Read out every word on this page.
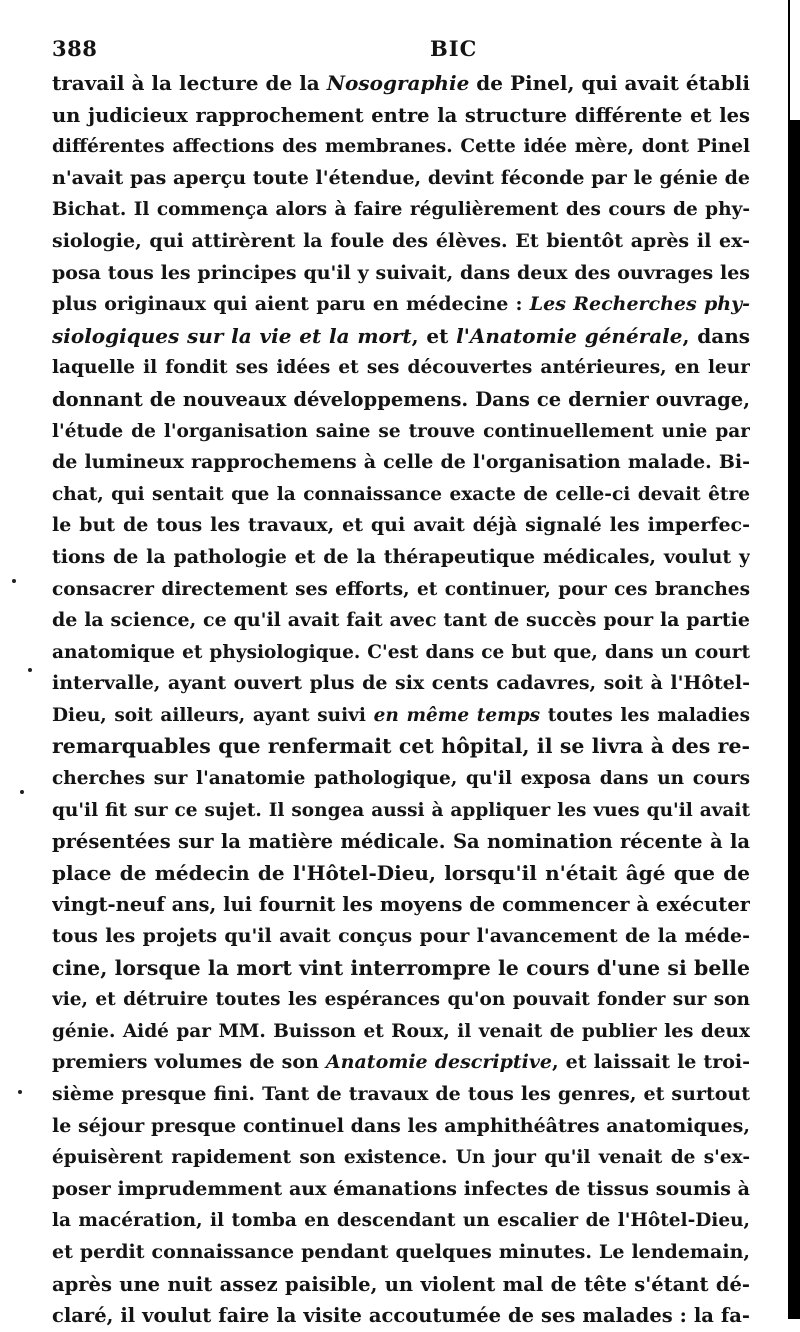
388	BIC
travail à la lecture de la Nosographie de Pinel, qui avait établi
un judicieux rapprochement entre la structure différente et les
différentes affections des membranes. Cette idée mère, dont Pinel
n'avait pas aperçu toute l'étendue, devint féconde par le génie de
Bichat. Il commença alors à faire régulièrement des cours de phy-
siologie, qui attirèrent la foule des élèves. Et bientôt après il ex-
posa tous les principes qu'il y suivait, dans deux des ouvrages les
plus originaux qui aient paru en médecine : Les Recherches phy-
siologiques sur la vie et la mort, et l'Anatomie générale, dans
laquelle il fondit ses idées et ses découvertes antérieures, en leur
donnant de nouveaux développemens. Dans ce dernier ouvrage,
l'étude de l'organisation saine se trouve continuellement unie par
de lumineux rapprochemens à celle de l'organisation malade. Bi-
chat, qui sentait que la connaissance exacte de celle-ci devait être
le but de tous les travaux, et qui avait déjà signalé les imperfec-
tions de la pathologie et de la thérapeutique médicales, voulut y
consacrer directement ses efforts, et continuer, pour ces branches
de la science, ce qu'il avait fait avec tant de succès pour la partie
anatomique et physiologique. C'est dans ce but que, dans un court
intervalle, ayant ouvert plus de six cents cadavres, soit à l'Hôtel-
Dieu, soit ailleurs, ayant suivi en même temps toutes les maladies
remarquables que renfermait cet hôpital, il se livra à des re-
cherches sur l'anatomie pathologique, qu'il exposa dans un cours
qu'il fit sur ce sujet. Il songea aussi à appliquer les vues qu'il avait
présentées sur la matière médicale. Sa nomination récente à la
place de médecin de l'Hôtel-Dieu, lorsqu'il n'était âgé que de
vingt-neuf ans, lui fournit les moyens de commencer à exécuter
tous les projets qu'il avait conçus pour l'avancement de la méde-
cine, lorsque la mort vint interrompre le cours d'une si belle
vie, et détruire toutes les espérances qu'on pouvait fonder sur son
génie. Aidé par MM. Buisson et Roux, il venait de publier les deux
premiers volumes de son Anatomie descriptive, et laissait le troi-
sième presque fini. Tant de travaux de tous les genres, et surtout
le séjour presque continuel dans les amphithéâtres anatomiques,
épuisèrent rapidement son existence. Un jour qu'il venait de s'ex-
poser imprudemment aux émanations infectes de tissus soumis à
la macération, il tomba en descendant un escalier de l'Hôtel-Dieu,
et perdit connaissance pendant quelques minutes. Le lendemain,
après une nuit assez paisible, un violent mal de tête s'étant dé-
claré, il voulut faire la visite accoutumée de ses malades : la fa-
